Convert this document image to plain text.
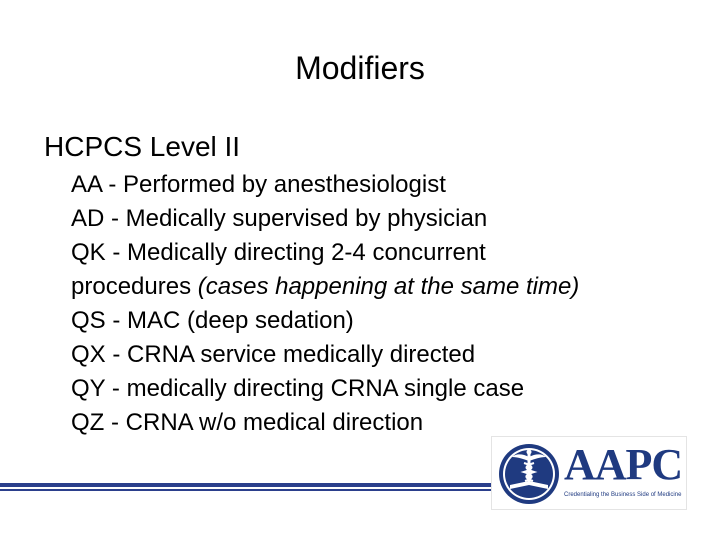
Modifiers
HCPCS Level II
AA - Performed by anesthesiologist
AD - Medically supervised by physician
QK - Medically directing 2-4 concurrent
procedures (cases happening at the same time)
QS - MAC (deep sedation)
QX - CRNA service medically directed
QY - medically directing CRNA single case
QZ - CRNA w/o medical direction
AAPC
Credentialing the Business Side of Medicine
